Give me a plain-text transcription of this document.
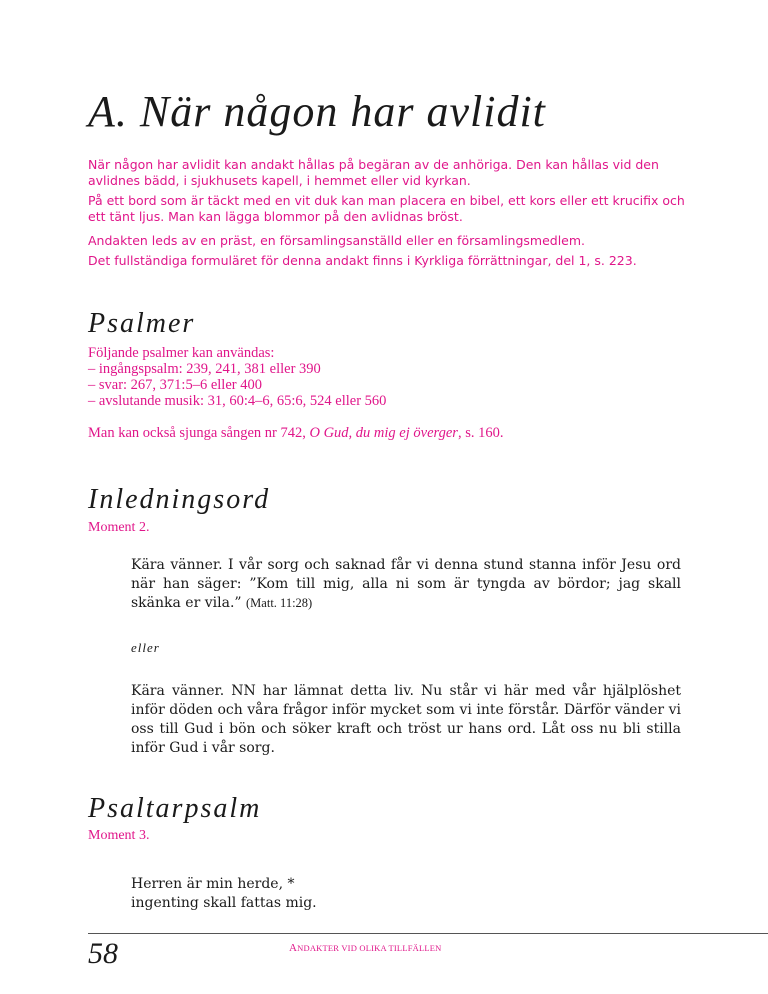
A. När någon har avlidit
När någon har avlidit kan andakt hållas på begäran av de anhöriga. Den kan hållas vid den avlidnes bädd, i sjukhusets kapell, i hemmet eller vid kyrkan.
På ett bord som är täckt med en vit duk kan man placera en bibel, ett kors eller ett krucifix och ett tänt ljus. Man kan lägga blommor på den avlidnas bröst.
Andakten leds av en präst, en församlingsanställd eller en församlingsmedlem.
Det fullständiga formuläret för denna andakt finns i Kyrkliga förrättningar, del 1, s. 223.
Psalmer
Följande psalmer kan användas:
– ingångspsalm: 239, 241, 381 eller 390
– svar: 267, 371:5–6 eller 400
– avslutande musik: 31, 60:4–6, 65:6, 524 eller 560
Man kan också sjunga sången nr 742, O Gud, du mig ej överger, s. 160.
Inledningsord
Moment 2.
Kära vänner. I vår sorg och saknad får vi denna stund stanna inför Jesu ord när han säger: ”Kom till mig, alla ni som är tyngda av bördor; jag skall skänka er vila.” (Matt. 11:28)
eller
Kära vänner. NN har lämnat detta liv. Nu står vi här med vår hjälplöshet inför döden och våra frågor inför mycket som vi inte förstår. Därför vänder vi oss till Gud i bön och söker kraft och tröst ur hans ord. Låt oss nu bli stilla inför Gud i vår sorg.
Psaltarpsalm
Moment 3.
Herren är min herde, *
ingenting skall fattas mig.
58	ANDAKTER VID OLIKA TILLFÄLLEN
